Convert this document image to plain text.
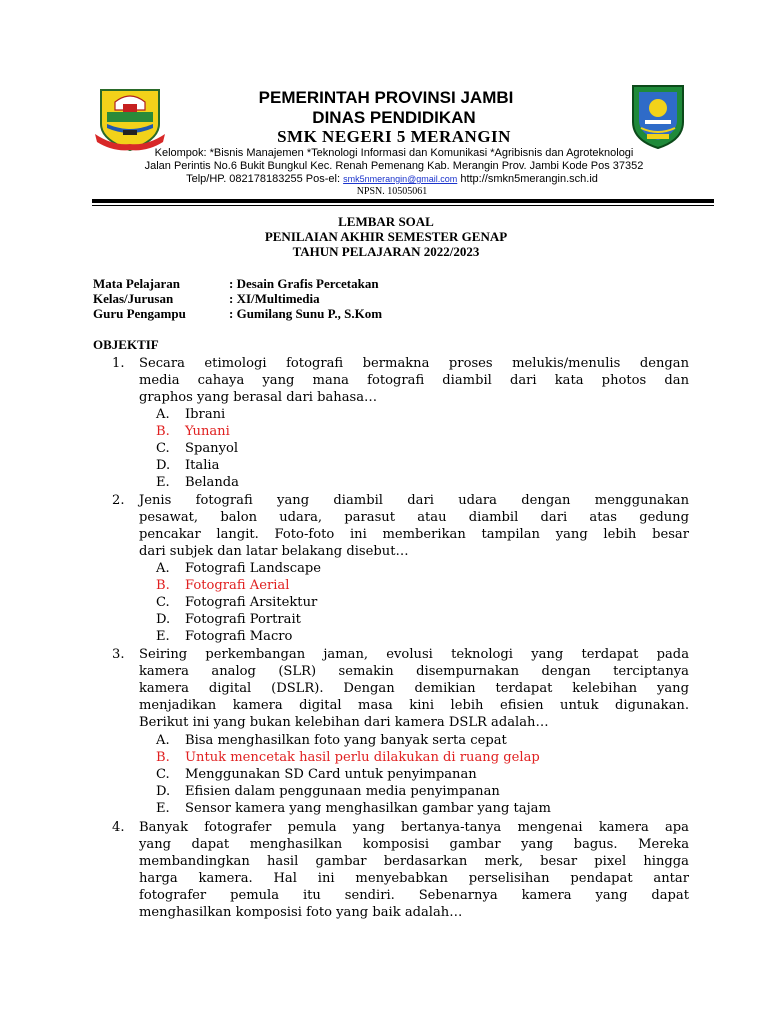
PEMERINTAH PROVINSI JAMBI
DINAS PENDIDIKAN
SMK NEGERI 5 MERANGIN
Kelompok: *Bisnis Manajemen *Teknologi Informasi dan Komunikasi *Agribisnis dan Agroteknologi
Jalan Perintis No.6 Bukit Bungkul Kec. Renah Pemenang Kab. Merangin Prov. Jambi Kode Pos 37352
Telp/HP. 082178183255 Pos-el: smk5nmerangin@gmail.com http://smkn5merangin.sch.id
NPSN. 10505061
LEMBAR SOAL
PENILAIAN AKHIR SEMESTER GENAP
TAHUN PELAJARAN 2022/2023
Mata Pelajaran	: Desain Grafis Percetakan
Kelas/Jurusan	: XI/Multimedia
Guru Pengampu	: Gumilang Sunu P., S.Kom
OBJEKTIF
1. Secara etimologi fotografi bermakna proses melukis/menulis dengan
media cahaya yang mana fotografi diambil dari kata photos dan
graphos yang berasal dari bahasa…
A. Ibrani
B. Yunani
C. Spanyol
D. Italia
E. Belanda
2. Jenis fotografi yang diambil dari udara dengan menggunakan
pesawat, balon udara, parasut atau diambil dari atas gedung
pencakar langit. Foto-foto ini memberikan tampilan yang lebih besar
dari subjek dan latar belakang disebut…
A. Fotografi Landscape
B. Fotografi Aerial
C. Fotografi Arsitektur
D. Fotografi Portrait
E. Fotografi Macro
3. Seiring perkembangan jaman, evolusi teknologi yang terdapat pada
kamera analog (SLR) semakin disempurnakan dengan terciptanya
kamera digital (DSLR). Dengan demikian terdapat kelebihan yang
menjadikan kamera digital masa kini lebih efisien untuk digunakan.
Berikut ini yang bukan kelebihan dari kamera DSLR adalah…
A. Bisa menghasilkan foto yang banyak serta cepat
B. Untuk mencetak hasil perlu dilakukan di ruang gelap
C. Menggunakan SD Card untuk penyimpanan
D. Efisien dalam penggunaan media penyimpanan
E. Sensor kamera yang menghasilkan gambar yang tajam
4. Banyak fotografer pemula yang bertanya-tanya mengenai kamera apa
yang dapat menghasilkan komposisi gambar yang bagus. Mereka
membandingkan hasil gambar berdasarkan merk, besar pixel hingga
harga kamera. Hal ini menyebabkan perselisihan pendapat antar
fotografer pemula itu sendiri. Sebenarnya kamera yang dapat
menghasilkan komposisi foto yang baik adalah…
